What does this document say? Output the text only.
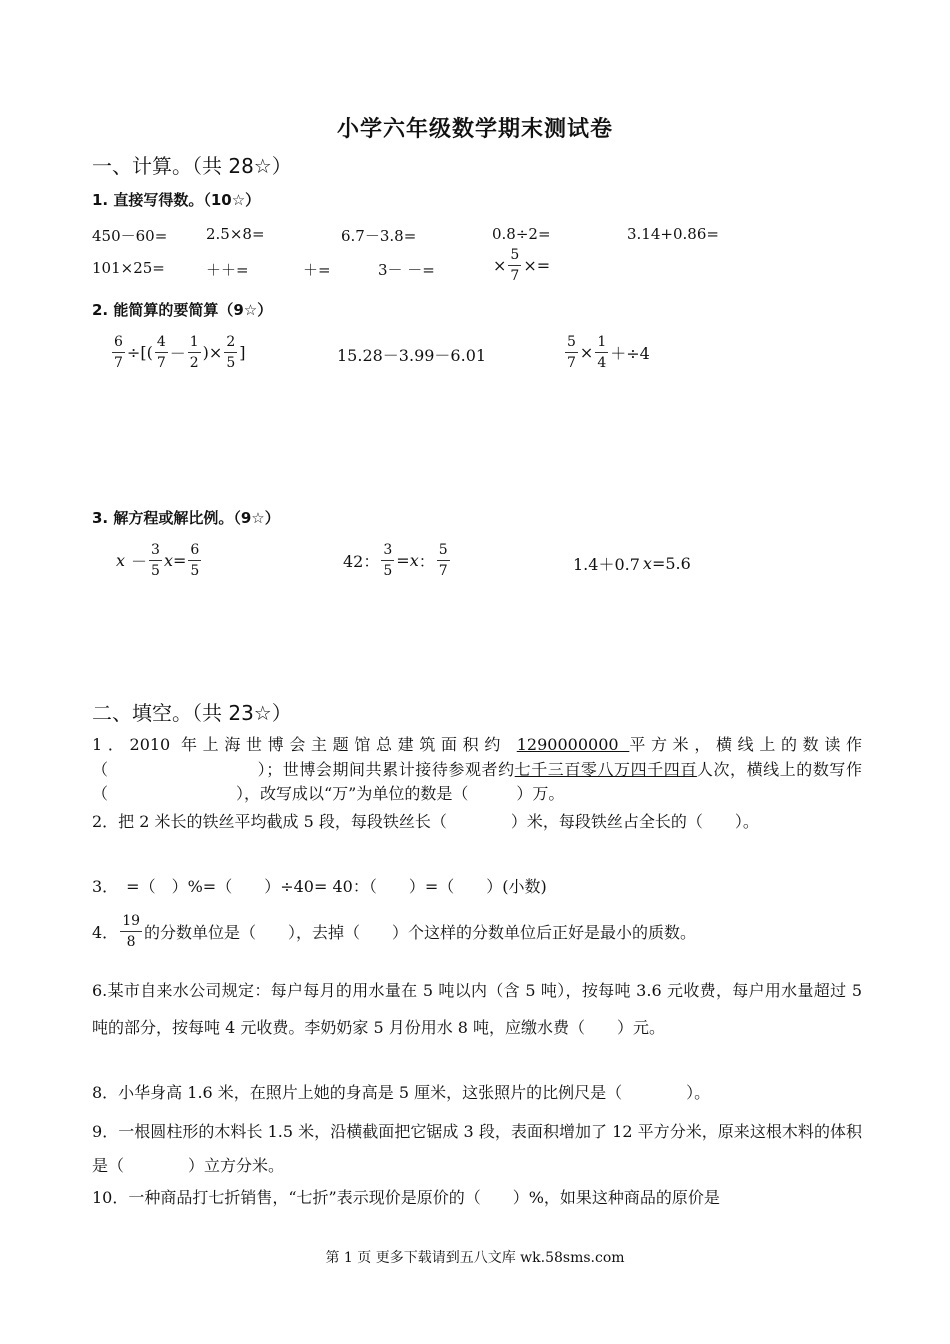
小学六年级数学期末测试卷
一、计算。（共 28☆）
1. 直接写得数。（10☆）
450－60=	2.5×8=	6.7－3.8=	0.8÷2=	3.14+0.86=
101×25=	＋＋=	＋=	3－ －=	× $\frac{5}{7}$ ×=
2. 能简算的要简算（9☆）
$\frac{6}{7}$ ÷[( $\frac{4}{7} - \frac{1}{2}$ )× $\frac{2}{5}$ ]	15.28－3.99－6.01	$\frac{5}{7} \times \frac{1}{4} +\div 4$
3. 解方程或解比例。（9☆）
$x - \frac{3}{5}$ $x = \frac{6}{5}$	42： $\frac{3}{5} = x$ ： $\frac{5}{7}$	1.4＋0.7 x =5.6
二、填空。（共 23☆）
1．2010 年上海世博会主题馆总建筑面积约 1290000000 平方米，横线上的数读作（　　　　　　　　　）；世博会期间共累计接待参观者约七千三百零八万四千四百人次，横线上的数写作（　　　　　　　　），改写成以“万”为单位的数是（　　　）万。
2．把 2 米长的铁丝平均截成 5 段，每段铁丝长（　　　　）米，每段铁丝占全长的（　　）。
3．　=（　）%=（　　）÷40= 40：（　　）=（　　）(小数)
4． $\frac{19}{8}$ 的分数单位是（　　），去掉（　　）个这样的分数单位后正好是最小的质数。
6.某市自来水公司规定：每户每月的用水量在 5 吨以内（含 5 吨），按每吨 3.6 元收费，每户用水量超过 5 吨的部分，按每吨 4 元收费。李奶奶家 5 月份用水 8 吨，应缴水费（　　）元。
8．小华身高 1.6 米，在照片上她的身高是 5 厘米，这张照片的比例尺是（　　　　）。
9．一根圆柱形的木料长 1.5 米，沿横截面把它锯成 3 段，表面积增加了 12 平方分米，原来这根木料的体积是（　　　　）立方分米。
10．一种商品打七折销售，“七折”表示现价是原价的（　　）%，如果这种商品的原价是
第 1 页 更多下载请到五八文库 wk.58sms.com
